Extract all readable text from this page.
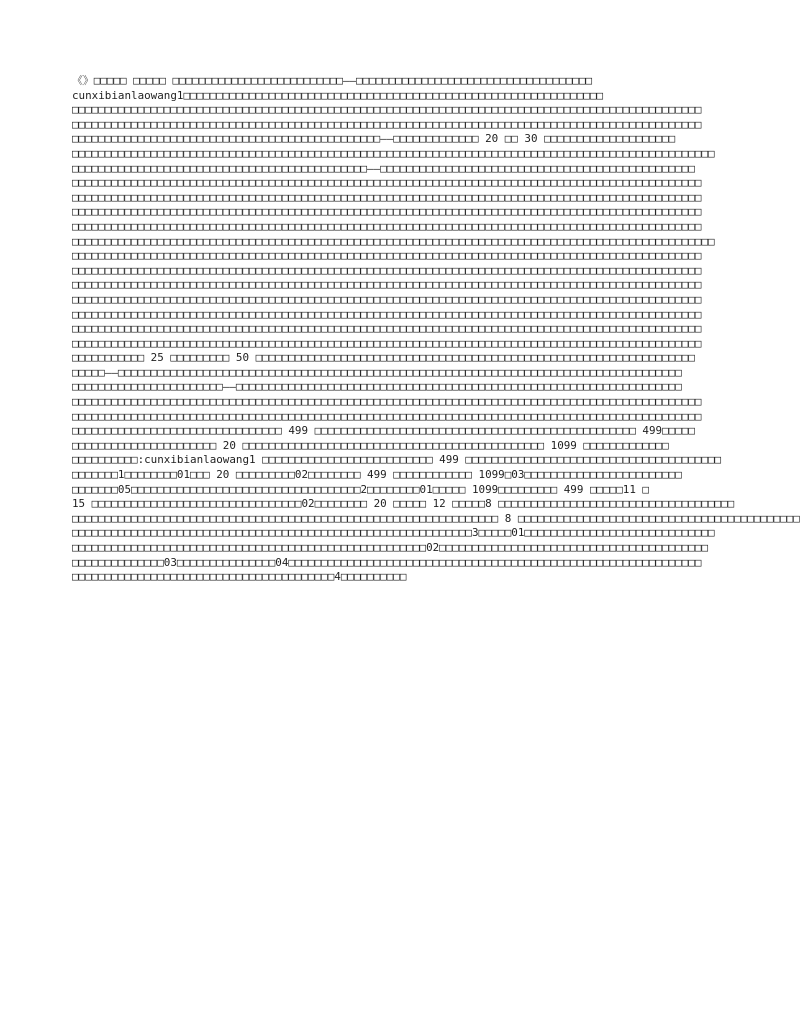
《》□□□□□ □□□□□ □□□□□□□□□□□□□□□□□□□□□□□□□□——□□□□□□□□□□□□□□□□□□□□□□□□□□□□□□□□□□□□
cunxibianlaowang1□□□□□□□□□□□□□□□□□□□□□□□□□□□□□□□□□□□□□□□□□□□□□□□□□□□□□□□□□□□□□□□□
□□□□□□□□□□□□□□□□□□□□□□□□□□□□□□□□□□□□□□□□□□□□□□□□□□□□□□□□□□□□□□□□□□□□□□□□□□□□□□□□□□□□□□□□□□□□□□□□
□□□□□□□□□□□□□□□□□□□□□□□□□□□□□□□□□□□□□□□□□□□□□□□□□□□□□□□□□□□□□□□□□□□□□□□□□□□□□□□□□□□□□□□□□□□□□□□□
□□□□□□□□□□□□□□□□□□□□□□□□□□□□□□□□□□□□□□□□□□□□□□□——□□□□□□□□□□□□□ 20 □□ 30 □□□□□□□□□□□□□□□□□□□□
□□□□□□□□□□□□□□□□□□□□□□□□□□□□□□□□□□□□□□□□□□□□□□□□□□□□□□□□□□□□□□□□□□□□□□□□□□□□□□□□□□□□□□□□□□□□□□□□□□
□□□□□□□□□□□□□□□□□□□□□□□□□□□□□□□□□□□□□□□□□□□□□——□□□□□□□□□□□□□□□□□□□□□□□□□□□□□□□□□□□□□□□□□□□□□□□□
□□□□□□□□□□□□□□□□□□□□□□□□□□□□□□□□□□□□□□□□□□□□□□□□□□□□□□□□□□□□□□□□□□□□□□□□□□□□□□□□□□□□□□□□□□□□□□□□
□□□□□□□□□□□□□□□□□□□□□□□□□□□□□□□□□□□□□□□□□□□□□□□□□□□□□□□□□□□□□□□□□□□□□□□□□□□□□□□□□□□□□□□□□□□□□□□□
□□□□□□□□□□□□□□□□□□□□□□□□□□□□□□□□□□□□□□□□□□□□□□□□□□□□□□□□□□□□□□□□□□□□□□□□□□□□□□□□□□□□□□□□□□□□□□□□
□□□□□□□□□□□□□□□□□□□□□□□□□□□□□□□□□□□□□□□□□□□□□□□□□□□□□□□□□□□□□□□□□□□□□□□□□□□□□□□□□□□□□□□□□□□□□□□□
□□□□□□□□□□□□□□□□□□□□□□□□□□□□□□□□□□□□□□□□□□□□□□□□□□□□□□□□□□□□□□□□□□□□□□□□□□□□□□□□□□□□□□□□□□□□□□□□□□
□□□□□□□□□□□□□□□□□□□□□□□□□□□□□□□□□□□□□□□□□□□□□□□□□□□□□□□□□□□□□□□□□□□□□□□□□□□□□□□□□□□□□□□□□□□□□□□□
□□□□□□□□□□□□□□□□□□□□□□□□□□□□□□□□□□□□□□□□□□□□□□□□□□□□□□□□□□□□□□□□□□□□□□□□□□□□□□□□□□□□□□□□□□□□□□□□
□□□□□□□□□□□□□□□□□□□□□□□□□□□□□□□□□□□□□□□□□□□□□□□□□□□□□□□□□□□□□□□□□□□□□□□□□□□□□□□□□□□□□□□□□□□□□□□□
□□□□□□□□□□□□□□□□□□□□□□□□□□□□□□□□□□□□□□□□□□□□□□□□□□□□□□□□□□□□□□□□□□□□□□□□□□□□□□□□□□□□□□□□□□□□□□□□
□□□□□□□□□□□□□□□□□□□□□□□□□□□□□□□□□□□□□□□□□□□□□□□□□□□□□□□□□□□□□□□□□□□□□□□□□□□□□□□□□□□□□□□□□□□□□□□□
□□□□□□□□□□□□□□□□□□□□□□□□□□□□□□□□□□□□□□□□□□□□□□□□□□□□□□□□□□□□□□□□□□□□□□□□□□□□□□□□□□□□□□□□□□□□□□□□
□□□□□□□□□□□□□□□□□□□□□□□□□□□□□□□□□□□□□□□□□□□□□□□□□□□□□□□□□□□□□□□□□□□□□□□□□□□□□□□□□□□□□□□□□□□□□□□□
□□□□□□□□□□□ 25 □□□□□□□□□ 50 □□□□□□□□□□□□□□□□□□□□□□□□□□□□□□□□□□□□□□□□□□□□□□□□□□□□□□□□□□□□□□□□□□□
□□□□□——□□□□□□□□□□□□□□□□□□□□□□□□□□□□□□□□□□□□□□□□□□□□□□□□□□□□□□□□□□□□□□□□□□□□□□□□□□□□□□□□□□□□□□
□□□□□□□□□□□□□□□□□□□□□□□——□□□□□□□□□□□□□□□□□□□□□□□□□□□□□□□□□□□□□□□□□□□□□□□□□□□□□□□□□□□□□□□□□□□□
□□□□□□□□□□□□□□□□□□□□□□□□□□□□□□□□□□□□□□□□□□□□□□□□□□□□□□□□□□□□□□□□□□□□□□□□□□□□□□□□□□□□□□□□□□□□□□□□
□□□□□□□□□□□□□□□□□□□□□□□□□□□□□□□□□□□□□□□□□□□□□□□□□□□□□□□□□□□□□□□□□□□□□□□□□□□□□□□□□□□□□□□□□□□□□□□□
□□□□□□□□□□□□□□□□□□□□□□□□□□□□□□□□ 499 □□□□□□□□□□□□□□□□□□□□□□□□□□□□□□□□□□□□□□□□□□□□□□□□□ 499□□□□□
□□□□□□□□□□□□□□□□□□□□□□ 20 □□□□□□□□□□□□□□□□□□□□□□□□□□□□□□□□□□□□□□□□□□□□□□ 1099 □□□□□□□□□□□□□
□□□□□□□□□□:cunxibianlaowang1 □□□□□□□□□□□□□□□□□□□□□□□□□□ 499 □□□□□□□□□□□□□□□□□□□□□□□□□□□□□□□□□□□□□□□
□□□□□□□1□□□□□□□□01□□□ 20 □□□□□□□□□02□□□□□□□□ 499 □□□□□□□□□□□□ 1099□03□□□□□□□□□□□□□□□□□□□□□□□□
□□□□□□□05□□□□□□□□□□□□□□□□□□□□□□□□□□□□□□□□□□□2□□□□□□□□01□□□□□ 1099□□□□□□□□□ 499 □□□□□11 □
15 □□□□□□□□□□□□□□□□□□□□□□□□□□□□□□□□02□□□□□□□□ 20 □□□□□ 12 □□□□□8 □□□□□□□□□□□□□□□□□□□□□□□□□□□□□□□□□□□□
□□□□□□□□□□□□□□□□□□□□□□□□□□□□□□□□□□□□□□□□□□□□□□□□□□□□□□□□□□□□□□□□□ 8 □□□□□□□□□□□□□□□□□□□□□□□□□□□□□□□□□□□□□□□□□□□
□□□□□□□□□□□□□□□□□□□□□□□□□□□□□□□□□□□□□□□□□□□□□□□□□□□□□□□□□□□□□3□□□□□01□□□□□□□□□□□□□□□□□□□□□□□□□□□□□
□□□□□□□□□□□□□□□□□□□□□□□□□□□□□□□□□□□□□□□□□□□□□□□□□□□□□□02□□□□□□□□□□□□□□□□□□□□□□□□□□□□□□□□□□□□□□□□□
□□□□□□□□□□□□□□03□□□□□□□□□□□□□□□04□□□□□□□□□□□□□□□□□□□□□□□□□□□□□□□□□□□□□□□□□□□□□□□□□□□□□□□□□□□□□□□
□□□□□□□□□□□□□□□□□□□□□□□□□□□□□□□□□□□□□□□□4□□□□□□□□□□
